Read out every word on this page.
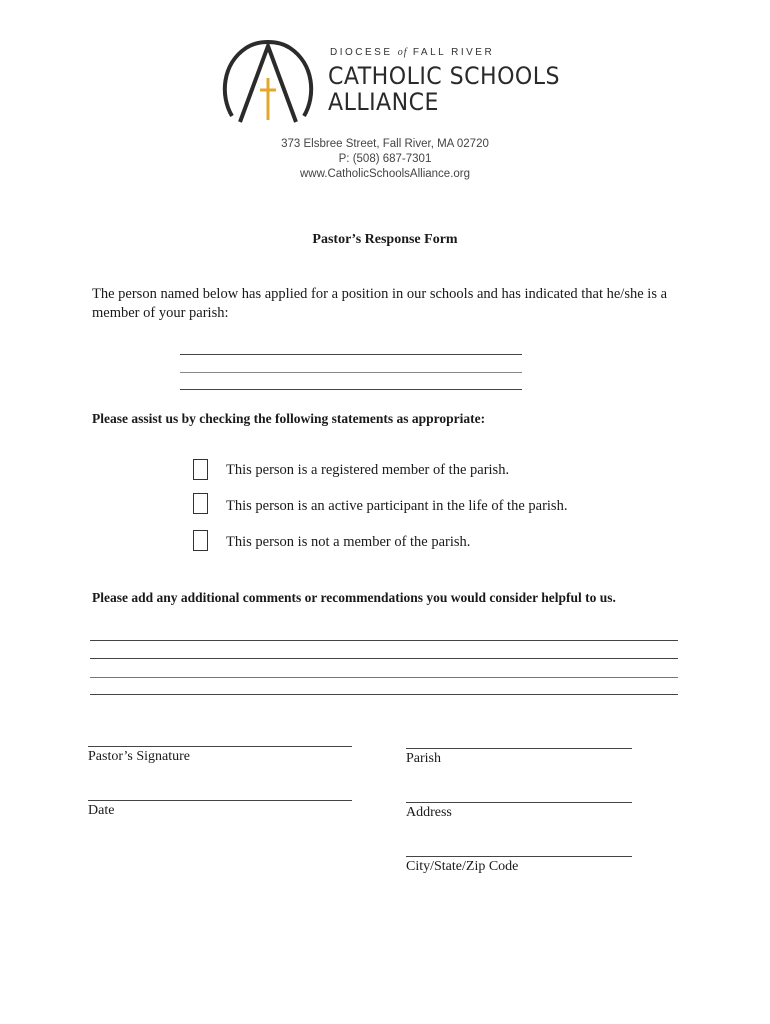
DIOCESE of FALL RIVER
CATHOLIC SCHOOLS
ALLIANCE
373 Elsbree Street, Fall River, MA 02720
P: (508) 687-7301
www.CatholicSchoolsAlliance.org
Pastor’s Response Form
The person named below has applied for a position in our schools and has indicated that he/she is a member of your parish:
Please assist us by checking the following statements as appropriate:
This person is a registered member of the parish.
This person is an active participant in the life of the parish.
This person is not a member of the parish.
Please add any additional comments or recommendations you would consider helpful to us.
Pastor’s Signature	Parish
Date	Address
City/State/Zip Code
